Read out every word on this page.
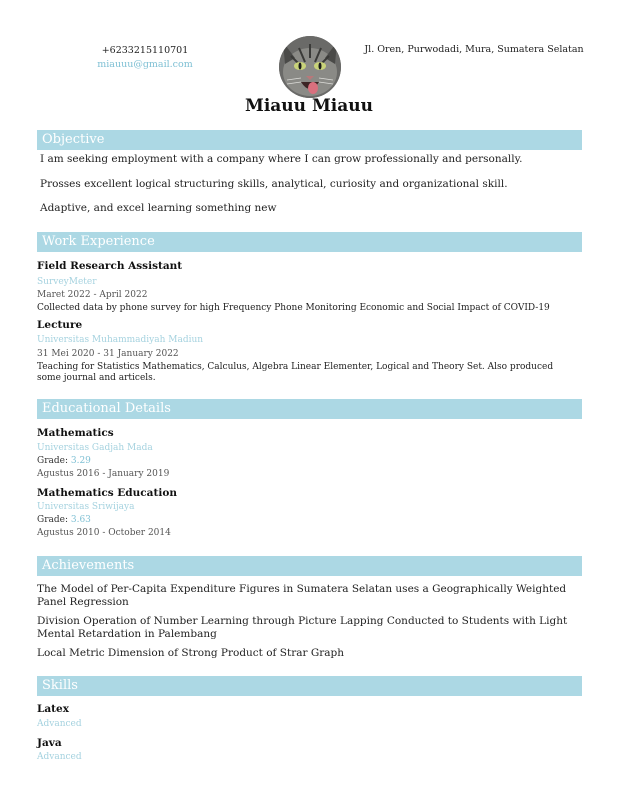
+6233215110701
miauuu@gmail.com
Jl. Oren, Purwodadi, Mura, Sumatera Selatan
Miauu Miauu
Objective
I am seeking employment with a company where I can grow professionally and personally.
Prosses excellent logical structuring skills, analytical, curiosity and organizational skill.
Adaptive, and excel learning something new
Work Experience
Field Research Assistant
SurveyMeter
Maret 2022 - April 2022
Collected data by phone survey for high Frequency Phone Monitoring Economic and Social Impact of COVID-19
Lecture
Universitas Muhammadiyah Madiun
31 Mei 2020 - 31 January 2022
Teaching for Statistics Mathematics, Calculus, Algebra Linear Elementer, Logical and Theory Set. Also produced some journal and articels.
Educational Details
Mathematics
Universitas Gadjah Mada
Grade: 3.29
Agustus 2016 - January 2019
Mathematics Education
Universitas Sriwijaya
Grade: 3.63
Agustus 2010 - October 2014
Achievements
The Model of Per-Capita Expenditure Figures in Sumatera Selatan uses a Geographically Weighted Panel Regression
Division Operation of Number Learning through Picture Lapping Conducted to Students with Light Mental Retardation in Palembang
Local Metric Dimension of Strong Product of Strar Graph
Skills
Latex
Advanced
Java
Advanced
